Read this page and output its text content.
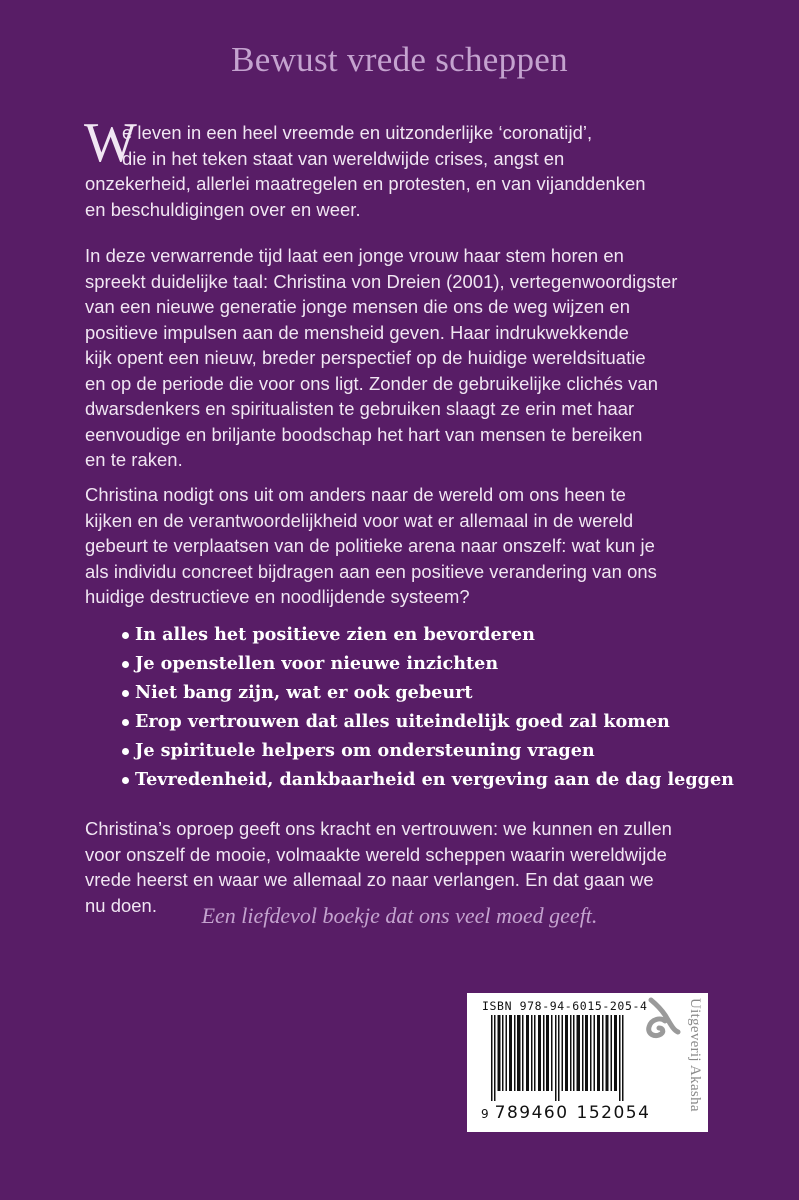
Bewust vrede scheppen
W
e leven in een heel vreemde en uitzonderlijke ‘coronatijd’,
die in het teken staat van wereldwijde crises, angst en
onzekerheid, allerlei maatregelen en protesten, en van vijanddenken
en beschuldigingen over en weer.
In deze verwarrende tijd laat een jonge vrouw haar stem horen en
spreekt duidelijke taal: Christina von Dreien (2001), vertegenwoordigster
van een nieuwe generatie jonge mensen die ons de weg wijzen en
positieve impulsen aan de mensheid geven. Haar indrukwekkende
kijk opent een nieuw, breder perspectief op de huidige wereldsituatie
en op de periode die voor ons ligt. Zonder de gebruikelijke clichés van
dwarsdenkers en spiritualisten te gebruiken slaagt ze erin met haar
eenvoudige en briljante boodschap het hart van mensen te bereiken
en te raken.
Christina nodigt ons uit om anders naar de wereld om ons heen te
kijken en de verantwoordelijkheid voor wat er allemaal in de wereld
gebeurt te verplaatsen van de politieke arena naar onszelf: wat kun je
als individu concreet bijdragen aan een positieve verandering van ons
huidige destructieve en noodlijdende systeem?
In alles het positieve zien en bevorderen
Je openstellen voor nieuwe inzichten
Niet bang zijn, wat er ook gebeurt
Erop vertrouwen dat alles uiteindelijk goed zal komen
Je spirituele helpers om ondersteuning vragen
Tevredenheid, dankbaarheid en vergeving aan de dag leggen
Christina’s oproep geeft ons kracht en vertrouwen: we kunnen en zullen
voor onszelf de mooie, volmaakte wereld scheppen waarin wereldwijde
vrede heerst en waar we allemaal zo naar verlangen. En dat gaan we
nu doen.	Een liefdevol boekje dat ons veel moed geeft.
ISBN 978-94-6015-205-4
9 789460 152054
Uitgeverij Akasha
